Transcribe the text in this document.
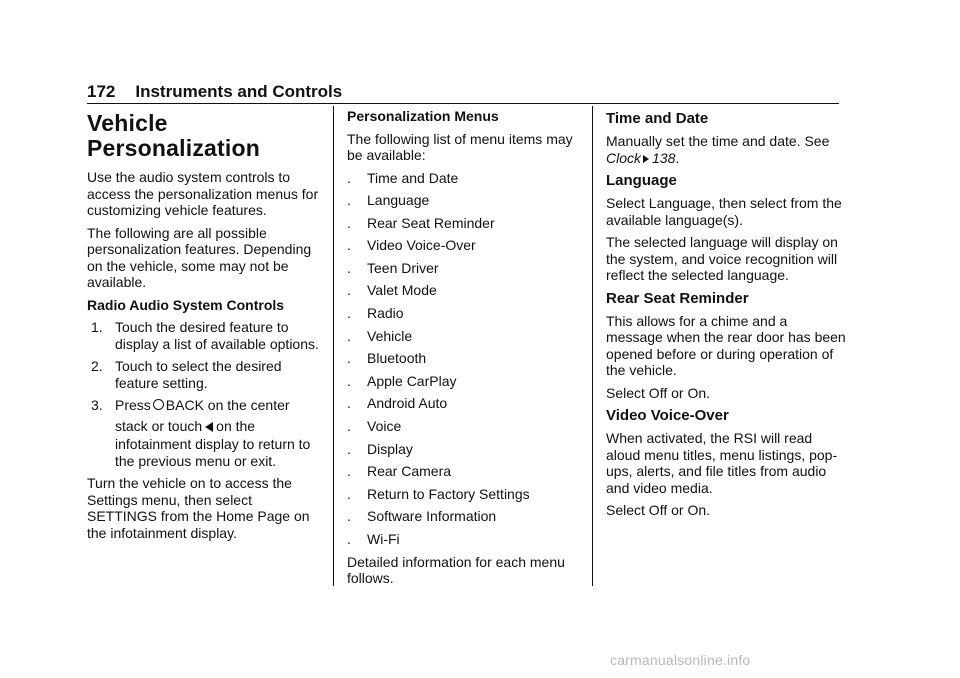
172 Instruments and Controls
Vehicle
Personalization

Use the audio system controls to access the personalization menus for customizing vehicle features.

The following are all possible personalization features. Depending on the vehicle, some may not be available.

Radio Audio System Controls

1. Touch the desired feature to display a list of available options.
2. Touch to select the desired feature setting.
3. Press BACK on the center
stack or touch on the
infotainment display to return to the previous menu or exit.

Turn the vehicle on to access the Settings menu, then select SETTINGS from the Home Page on the infotainment display.

Personalization Menus

The following list of menu items may be available:

. Time and Date
. Language
. Rear Seat Reminder
. Video Voice-Over
. Teen Driver
. Valet Mode
. Radio
. Vehicle
. Bluetooth
. Apple CarPlay
. Android Auto
. Voice
. Display
. Rear Camera
. Return to Factory Settings
. Software Information
. Wi-Fi

Detailed information for each menu follows.

Time and Date

Manually set the time and date. See
Clock 138.

Language

Select Language, then select from the available language(s).

The selected language will display on the system, and voice recognition will reflect the selected language.

Rear Seat Reminder

This allows for a chime and a message when the rear door has been opened before or during operation of the vehicle.

Select Off or On.

Video Voice-Over

When activated, the RSI will read aloud menu titles, menu listings, pop-ups, alerts, and file titles from audio and video media.

Select Off or On.

carmanualsonline.info
